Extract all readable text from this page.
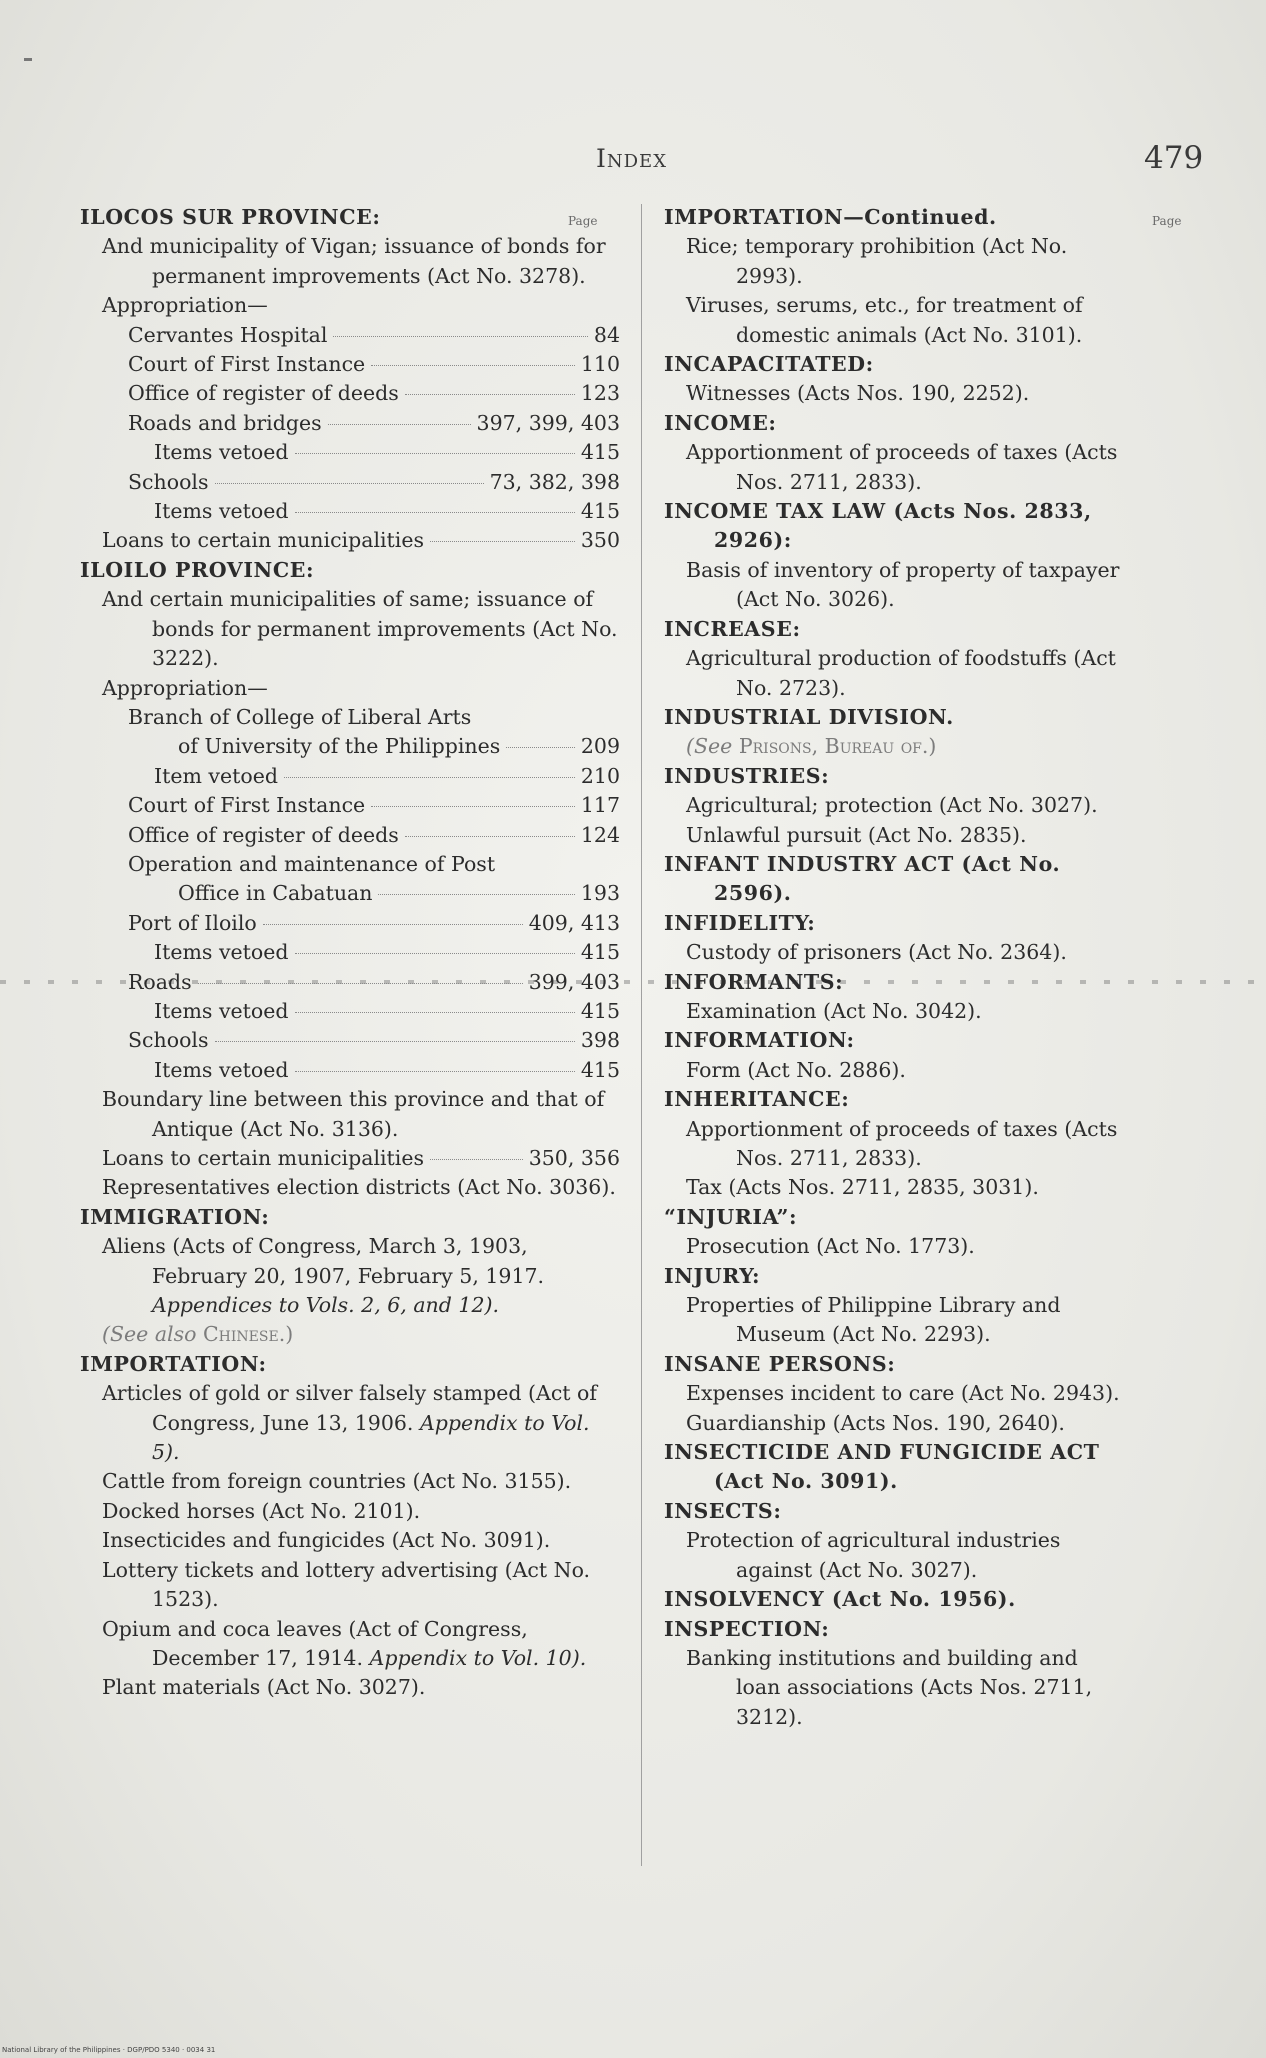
Index	479
Page
ILOCOS SUR PROVINCE:
And municipality of Vigan; issuance of bonds for permanent improvements (Act No. 3278).
Appropriation—
Cervantes Hospital	84
Court of First Instance	110
Office of register of deeds	123
Roads and bridges	397, 399, 403
Items vetoed	415
Schools	73, 382, 398
Items vetoed	415
Loans to certain municipalities	350
ILOILO PROVINCE:
And certain municipalities of same; issuance of bonds for permanent improvements (Act No. 3222).
Appropriation—
Branch of College of Liberal Arts
of University of the Philippines	209
Item vetoed	210
Court of First Instance	117
Office of register of deeds	124
Operation and maintenance of Post
Office in Cabatuan	193
Port of Iloilo	409, 413
Items vetoed	415
Roads	399, 403
Items vetoed	415
Schools	398
Items vetoed	415
Boundary line between this province and that of Antique (Act No. 3136).
Loans to certain municipalities	350, 356
Representatives election districts (Act No. 3036).
IMMIGRATION:
Aliens (Acts of Congress, March 3, 1903, February 20, 1907, February 5, 1917. Appendices to Vols. 2, 6, and 12).
(See also Chinese.)
IMPORTATION:
Articles of gold or silver falsely stamped (Act of Congress, June 13, 1906. Appendix to Vol. 5).
Cattle from foreign countries (Act No. 3155).
Docked horses (Act No. 2101).
Insecticides and fungicides (Act No. 3091).
Lottery tickets and lottery advertising (Act No. 1523).
Opium and coca leaves (Act of Congress, December 17, 1914. Appendix to Vol. 10).
Plant materials (Act No. 3027).
Page
IMPORTATION—Continued.
Rice; temporary prohibition (Act No. 2993).
Viruses, serums, etc., for treatment of domestic animals (Act No. 3101).
INCAPACITATED:
Witnesses (Acts Nos. 190, 2252).
INCOME:
Apportionment of proceeds of taxes (Acts Nos. 2711, 2833).
INCOME TAX LAW (Acts Nos. 2833, 2926):
Basis of inventory of property of taxpayer (Act No. 3026).
INCREASE:
Agricultural production of foodstuffs (Act No. 2723).
INDUSTRIAL DIVISION.
(See Prisons, Bureau of.)
INDUSTRIES:
Agricultural; protection (Act No. 3027).
Unlawful pursuit (Act No. 2835).
INFANT INDUSTRY ACT (Act No. 2596).
INFIDELITY:
Custody of prisoners (Act No. 2364).
INFORMANTS:
Examination (Act No. 3042).
INFORMATION:
Form (Act No. 2886).
INHERITANCE:
Apportionment of proceeds of taxes (Acts Nos. 2711, 2833).
Tax (Acts Nos. 2711, 2835, 3031).
“INJURIA”:
Prosecution (Act No. 1773).
INJURY:
Properties of Philippine Library and Museum (Act No. 2293).
INSANE PERSONS:
Expenses incident to care (Act No. 2943).
Guardianship (Acts Nos. 190, 2640).
INSECTICIDE AND FUNGICIDE ACT (Act No. 3091).
INSECTS:
Protection of agricultural industries against (Act No. 3027).
INSOLVENCY (Act No. 1956).
INSPECTION:
Banking institutions and building and loan associations (Acts Nos. 2711, 3212).
National Library of the Philippines · DGP/PDO 5340 · 0034 31
